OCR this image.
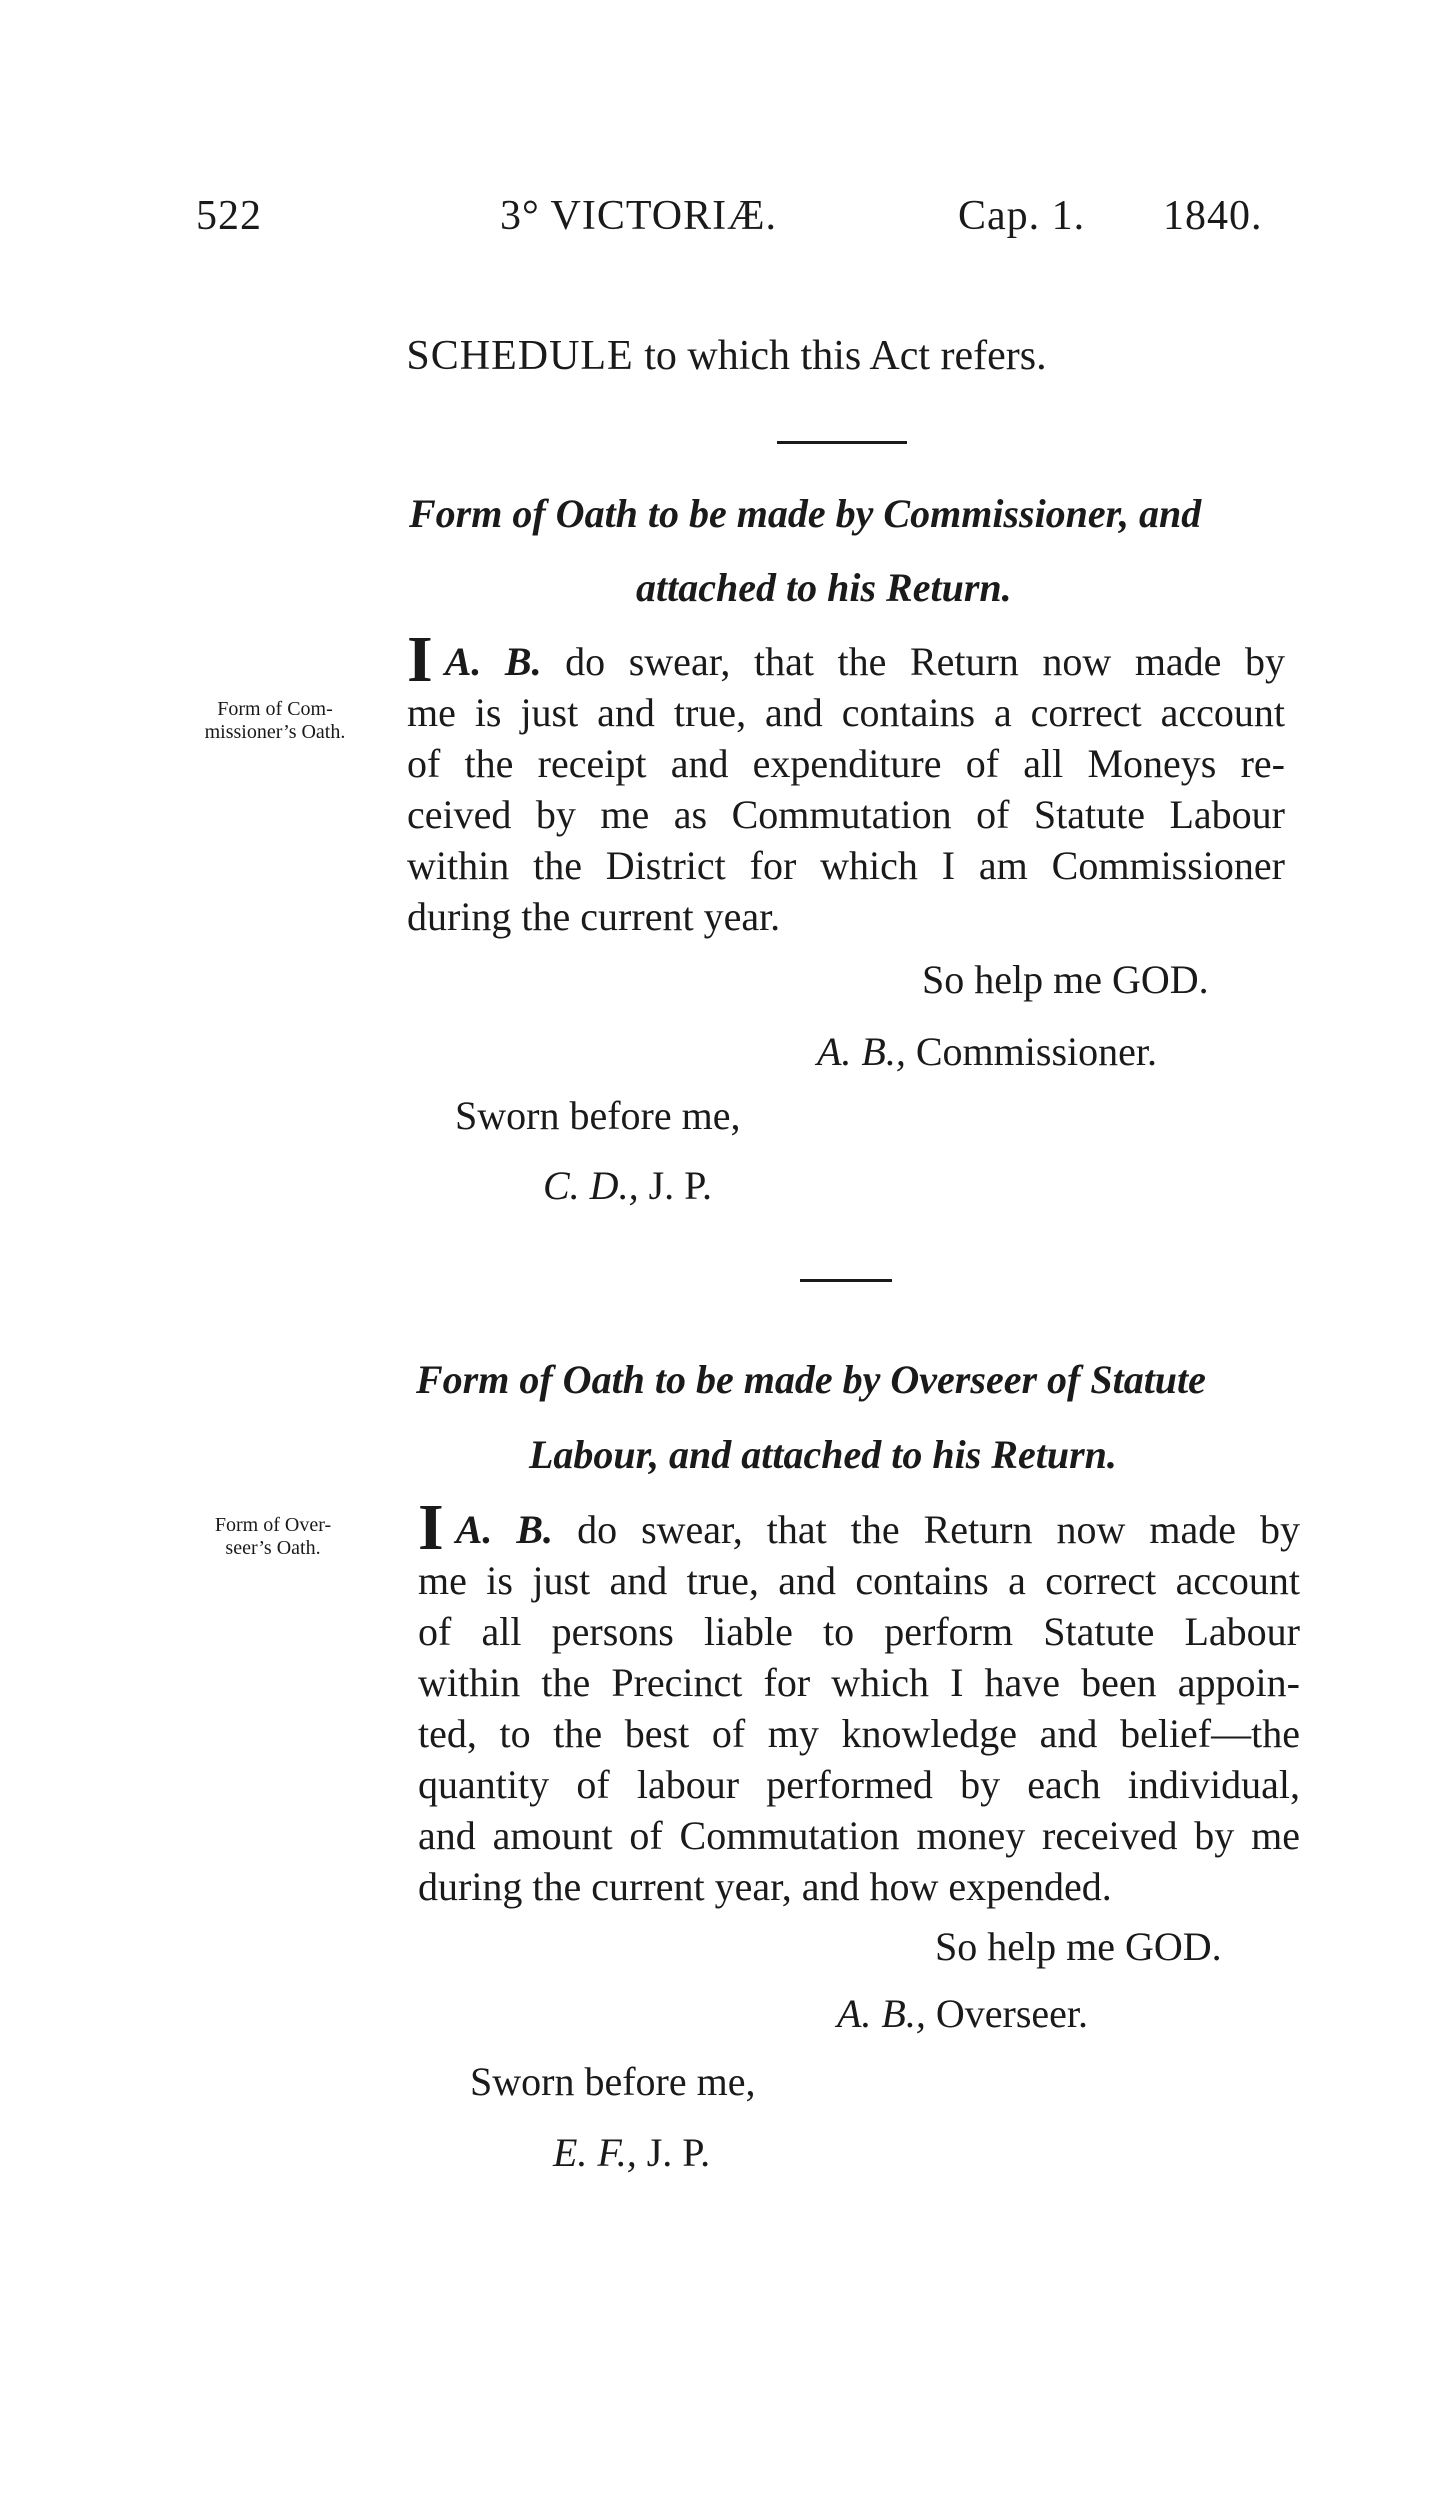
522	3° VICTORIÆ.	Cap. 1. 1840.
SCHEDULE to which this Act refers.
Form of Oath to be made by Commissioner, and
attached to his Return.
Form of Com-
missioner’s Oath.
I A. B. do swear, that the Return now made by
me is just and true, and contains a correct account
of the receipt and expenditure of all Moneys re-
ceived by me as Commutation of Statute Labour
within the District for which I am Commissioner
during the current year.
So help me GOD.
A. B., Commissioner.
Sworn before me,
C. D., J. P.
Form of Oath to be made by Overseer of Statute
Labour, and attached to his Return.
Form of Over-
seer’s Oath.	I A. B. do swear, that the Return now made by
me is just and true, and contains a correct account
of all persons liable to perform Statute Labour
within the Precinct for which I have been appoin-
ted, to the best of my knowledge and belief—the
quantity of labour performed by each individual,
and amount of Commutation money received by me
during the current year, and how expended.
So help me GOD.
A. B., Overseer.
Sworn before me,
E. F., J. P.
